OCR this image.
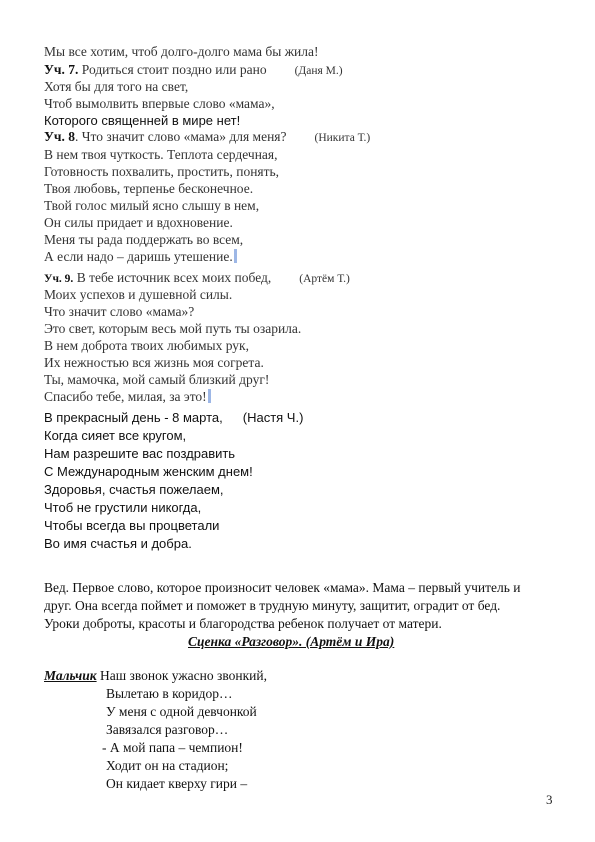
Мы все хотим, чтоб долго-долго мама бы жила!
Уч. 7. Родиться стоит поздно или рано (Даня М.)
Хотя бы для того на свет,
Чтоб вымолвить впервые слово «мама»,
Которого священней в мире нет!
Уч. 8. Что значит слово «мама» для меня? (Никита Т.)
В нем твоя чуткость. Теплота сердечная,
Готовность похвалить, простить, понять,
Твоя любовь, терпенье бесконечное.
Твой голос милый ясно слышу в нем,
Он силы придает и вдохновение.
Меня ты рада поддержать во всем,
А если надо – даришь утешение.
Уч. 9. В тебе источник всех моих побед, (Артём Т.)
Моих успехов и душевной силы.
Что значит слово «мама»?
Это свет, которым весь мой путь ты озарила.
В нем доброта твоих любимых рук,
Их нежностью вся жизнь моя согрета.
Ты, мамочка, мой самый близкий друг!
Спасибо тебе, милая, за это!
В прекрасный день - 8 марта, (Настя Ч.)
Когда сияет все кругом,
Нам разрешите вас поздравить
С Международным женским днем!
Здоровья, счастья пожелаем,
Чтоб не грустили никогда,
Чтобы всегда вы процветали
Во имя счастья и добра.
Вед. Первое слово, которое произносит человек «мама». Мама – первый учитель и
друг. Она всегда поймет и поможет в трудную минуту, защитит, оградит от бед.
Уроки доброты, красоты и благородства ребенок получает от матери.
Сценка «Разговор». (Артём и Ира)
Мальчик Наш звонок ужасно звонкий,
Вылетаю в коридор…
У меня с одной девчонкой
Завязался разговор…
- А мой папа – чемпион!
Ходит он на стадион;
Он кидает кверху гири –
3
